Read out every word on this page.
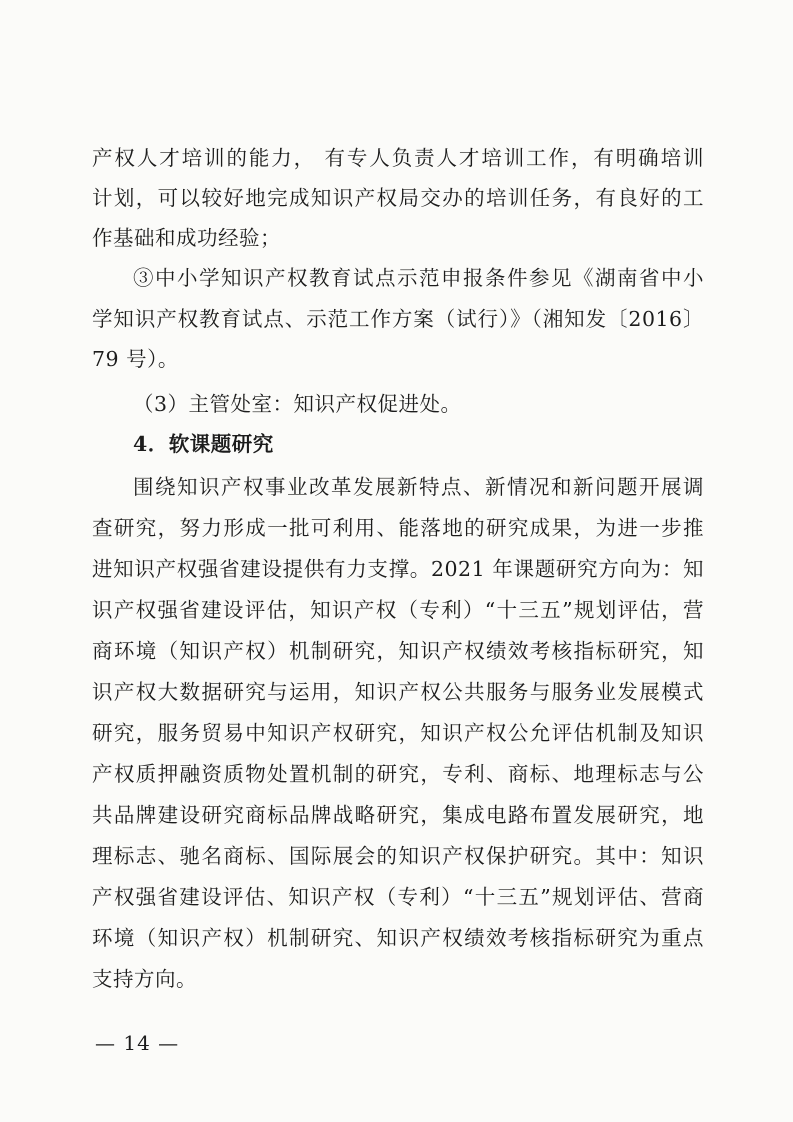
产权人才培训的能力， 有专人负责人才培训工作，有明确培训
计划，可以较好地完成知识产权局交办的培训任务，有良好的工
作基础和成功经验；
③中小学知识产权教育试点示范申报条件参见《湖南省中小
学知识产权教育试点、示范工作方案（试行）》（湘知发〔2016〕
79 号）。
（3）主管处室：知识产权促进处。
4．软课题研究
围绕知识产权事业改革发展新特点、新情况和新问题开展调
查研究，努力形成一批可利用、能落地的研究成果，为进一步推
进知识产权强省建设提供有力支撑。2021 年课题研究方向为：知
识产权强省建设评估，知识产权（专利）“十三五”规划评估，营
商环境（知识产权）机制研究，知识产权绩效考核指标研究，知
识产权大数据研究与运用，知识产权公共服务与服务业发展模式
研究，服务贸易中知识产权研究，知识产权公允评估机制及知识
产权质押融资质物处置机制的研究，专利、商标、地理标志与公
共品牌建设研究商标品牌战略研究，集成电路布置发展研究，地
理标志、驰名商标、国际展会的知识产权保护研究。其中：知识
产权强省建设评估、知识产权（专利）“十三五”规划评估、营商
环境（知识产权）机制研究、知识产权绩效考核指标研究为重点
支持方向。
— 14 —
